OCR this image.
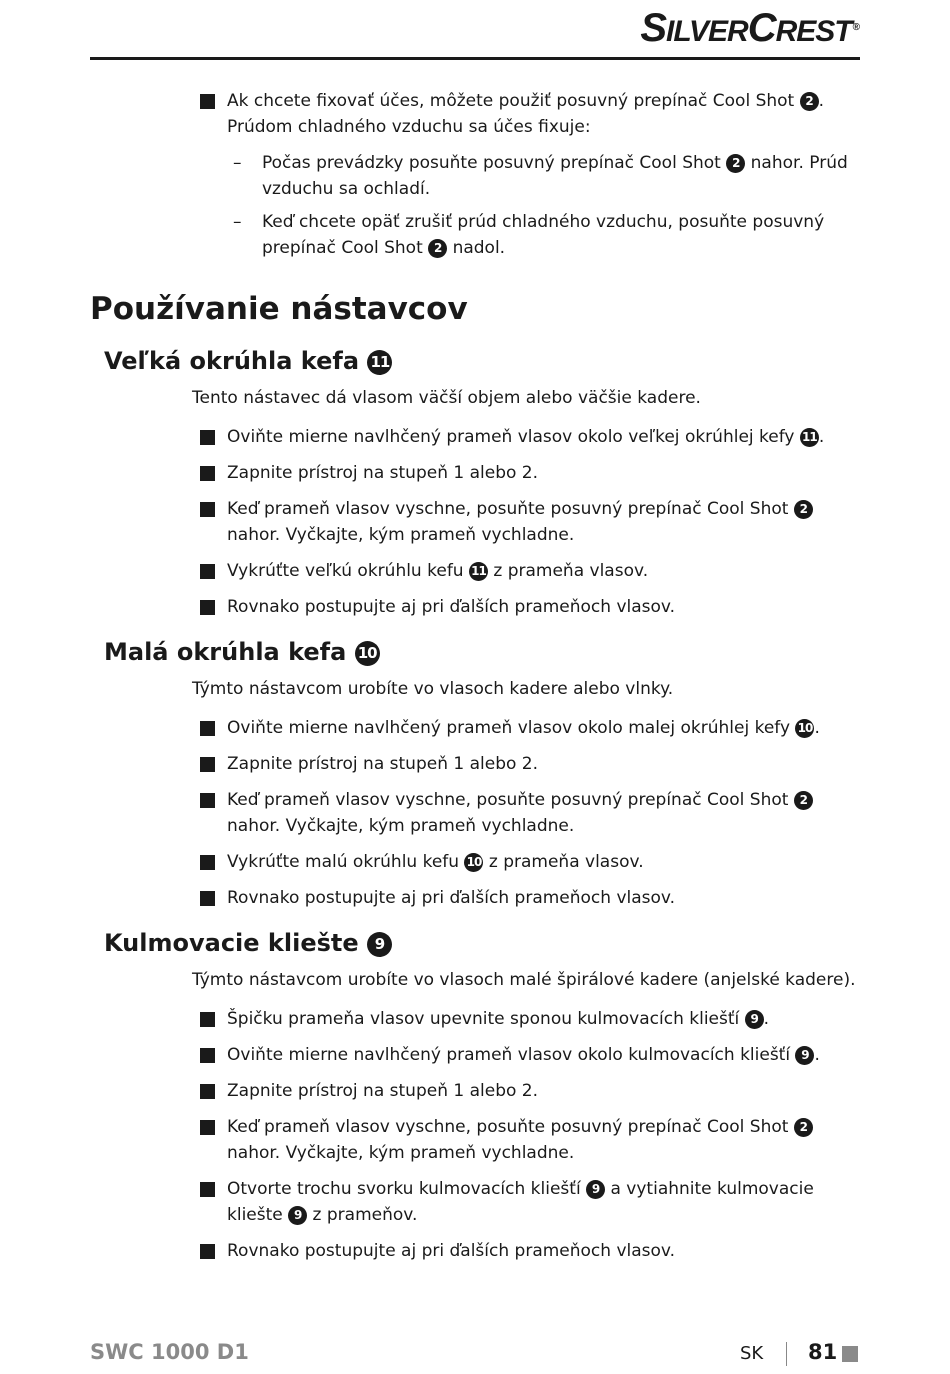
SILVERCREST®
Ak chcete fixovať účes, môžete použiť posuvný prepínač Cool Shot 2 . Prúdom chladného vzduchu sa účes fixuje:
– Počas prevádzky posuňte posuvný prepínač Cool Shot 2 nahor. Prúd vzduchu sa ochladí.
– Keď chcete opäť zrušiť prúd chladného vzduchu, posuňte posuvný prepínač Cool Shot 2 nadol.
Používanie nástavcov
Veľká okrúhla kefa 11
Tento nástavec dá vlasom väčší objem alebo väčšie kadere.
Oviňte mierne navlhčený prameň vlasov okolo veľkej okrúhlej kefy 11 .
Zapnite prístroj na stupeň 1 alebo 2.
Keď prameň vlasov vyschne, posuňte posuvný prepínač Cool Shot 2 nahor. Vyčkajte, kým prameň vychladne.
Vykrúťte veľkú okrúhlu kefu 11 z prameňa vlasov.
Rovnako postupujte aj pri ďalších prameňoch vlasov.
Malá okrúhla kefa 10
Týmto nástavcom urobíte vo vlasoch kadere alebo vlnky.
Oviňte mierne navlhčený prameň vlasov okolo malej okrúhlej kefy 10 .
Zapnite prístroj na stupeň 1 alebo 2.
Keď prameň vlasov vyschne, posuňte posuvný prepínač Cool Shot 2 nahor. Vyčkajte, kým prameň vychladne.
Vykrúťte malú okrúhlu kefu 10 z prameňa vlasov.
Rovnako postupujte aj pri ďalších prameňoch vlasov.
Kulmovacie kliešte 9
Týmto nástavcom urobíte vo vlasoch malé špirálové kadere (anjelské kadere).
Špičku prameňa vlasov upevnite sponou kulmovacích kliešťí 9 .
Oviňte mierne navlhčený prameň vlasov okolo kulmovacích kliešťí 9 .
Zapnite prístroj na stupeň 1 alebo 2.
Keď prameň vlasov vyschne, posuňte posuvný prepínač Cool Shot 2 nahor. Vyčkajte, kým prameň vychladne.
Otvorte trochu svorku kulmovacích kliešťí 9 a vytiahnite kulmovacie kliešte 9 z prameňov.
Rovnako postupujte aj pri ďalších prameňoch vlasov.
SWC 1000 D1	SK 81
